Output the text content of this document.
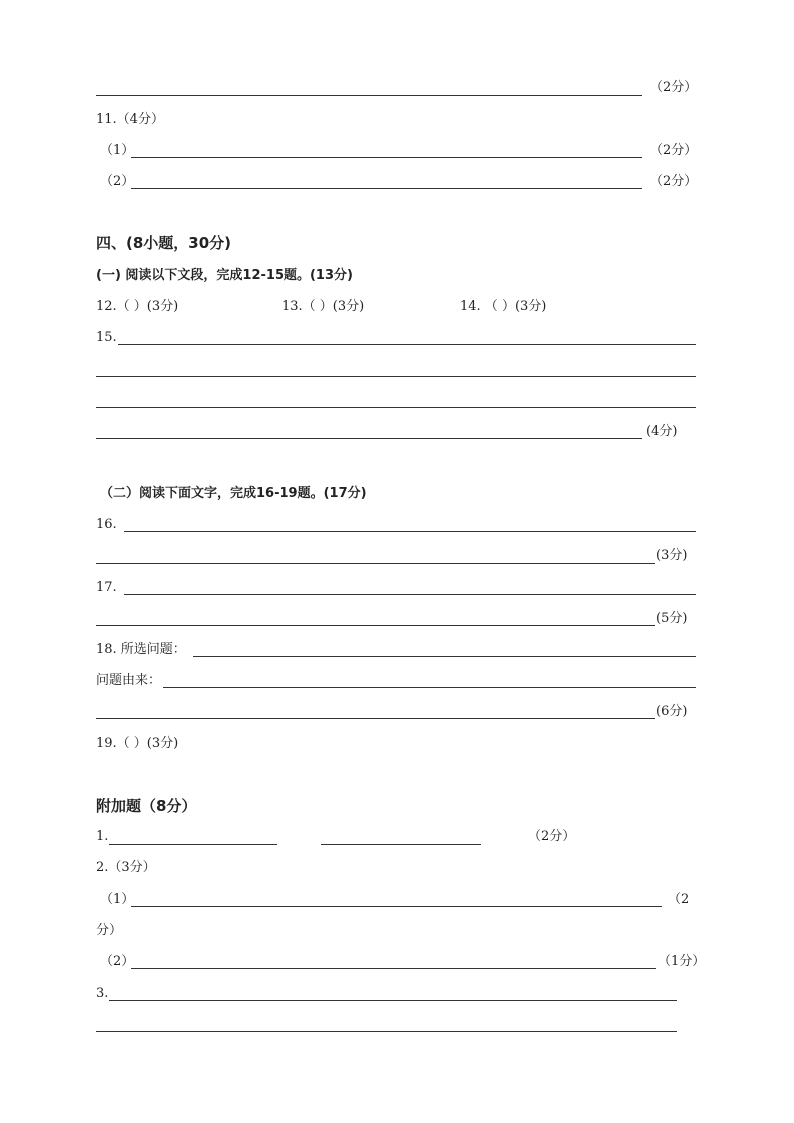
（2分）
11.（4分）
（1）	（2分）
（2）	（2分）
四、(8小题，30分)
(一) 阅读以下文段，完成12-15题。(13分)
12.（ ）(3分)	13.（ ）(3分)	14. （ ）(3分)
15.
(4分)
（二）阅读下面文字，完成16-19题。(17分)
16.
(3分)
17.
(5分)
18. 所选问题：
问题由来：
(6分)
19.（ ）(3分)
附加题（8分）
1.	（2分）
2.（3分）
（1）	（2
分）
（2）	（1分）
3.
